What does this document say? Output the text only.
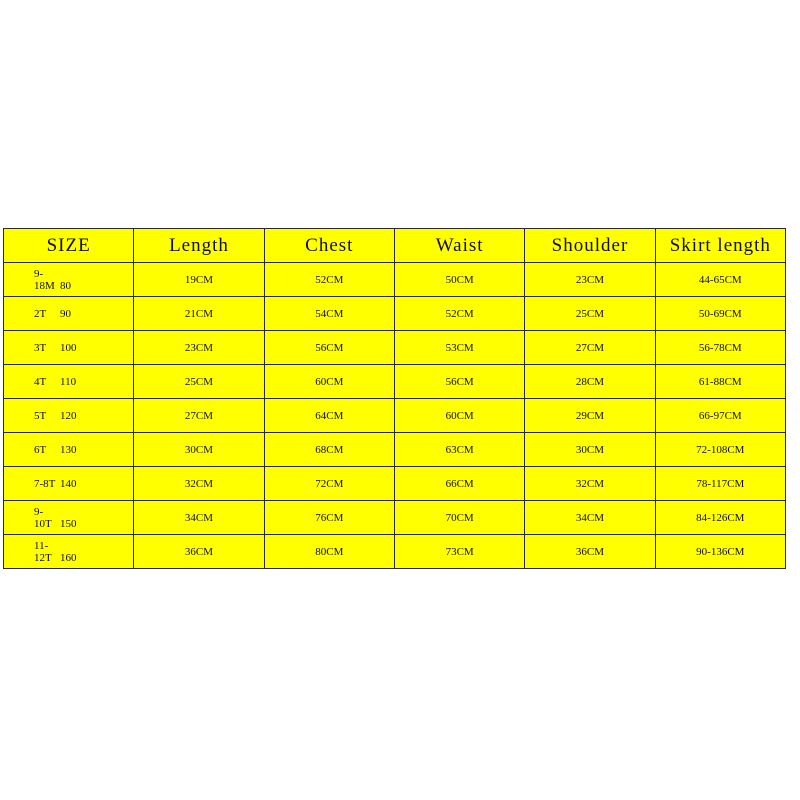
SIZE	Length	Chest	Waist	Shoulder	Skirt length
9-18M 80	19CM	52CM	50CM	23CM	44-65CM
2T 90	21CM	54CM	52CM	25CM	50-69CM
3T 100	23CM	56CM	53CM	27CM	56-78CM
4T 110	25CM	60CM	56CM	28CM	61-88CM
5T 120	27CM	64CM	60CM	29CM	66-97CM
6T 130	30CM	68CM	63CM	30CM	72-108CM
7-8T 140	32CM	72CM	66CM	32CM	78-117CM
9-10T 150	34CM	76CM	70CM	34CM	84-126CM
11-12T 160	36CM	80CM	73CM	36CM	90-136CM
